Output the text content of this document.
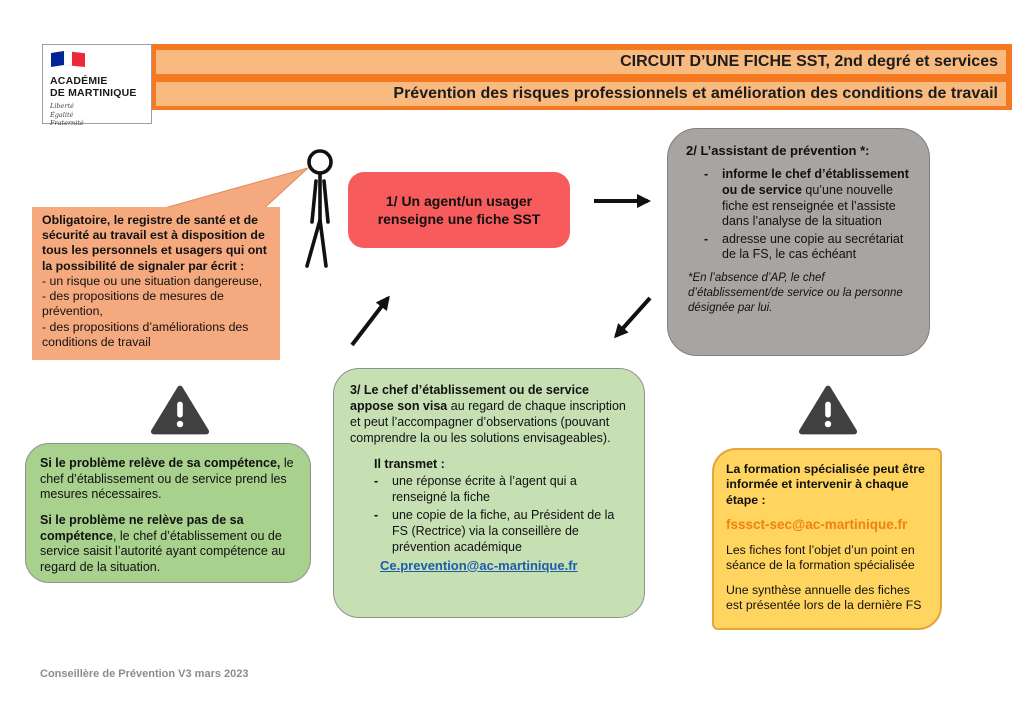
CIRCUIT D’UNE FICHE SST, 2nd degré et services
Prévention des risques professionnels et amélioration des conditions de travail
ACADÉMIE
DE MARTINIQUE
Liberté
Égalité
Fraternité
1/ Un agent/un usager renseigne une fiche SST
2/ L’assistant de prévention *:
-	informe le chef d’établissement ou de service qu’une nouvelle fiche est renseignée et l’assiste dans l’analyse de la situation
-	adresse une copie au secrétariat de la FS, le cas échéant
*En l’absence d’AP, le chef d’établissement/de service ou la personne désignée par lui.
Obligatoire, le registre de santé et de sécurité au travail est à disposition de tous les personnels et usagers qui ont la possibilité de signaler par écrit :
- un risque ou une situation dangereuse,
- des propositions de mesures de prévention,
- des propositions d’améliorations des conditions de travail

Si le problème relève de sa compétence, le chef d’établissement ou de service prend les mesures nécessaires.

Si le problème ne relève pas de sa compétence, le chef d’établissement ou de service saisit l’autorité ayant compétence au regard de la situation.

3/ Le chef d’établissement ou de service appose son visa au regard de chaque inscription et peut l’accompagner d’observations (pouvant comprendre la ou les solutions envisageables).

Il transmet :
-	une réponse écrite à l’agent qui a renseigné la fiche
-	une copie de la fiche, au Président de la FS (Rectrice) via la conseillère de prévention académique
Ce.prevention@ac-martinique.fr

La formation spécialisée peut être informée et intervenir à chaque étape :

fsssct-sec@ac-martinique.fr

Les fiches font l’objet d’un point en séance de la formation spécialisée

Une synthèse annuelle des fiches est présentée lors de la dernière FS

Conseillère de Prévention V3 mars 2023
